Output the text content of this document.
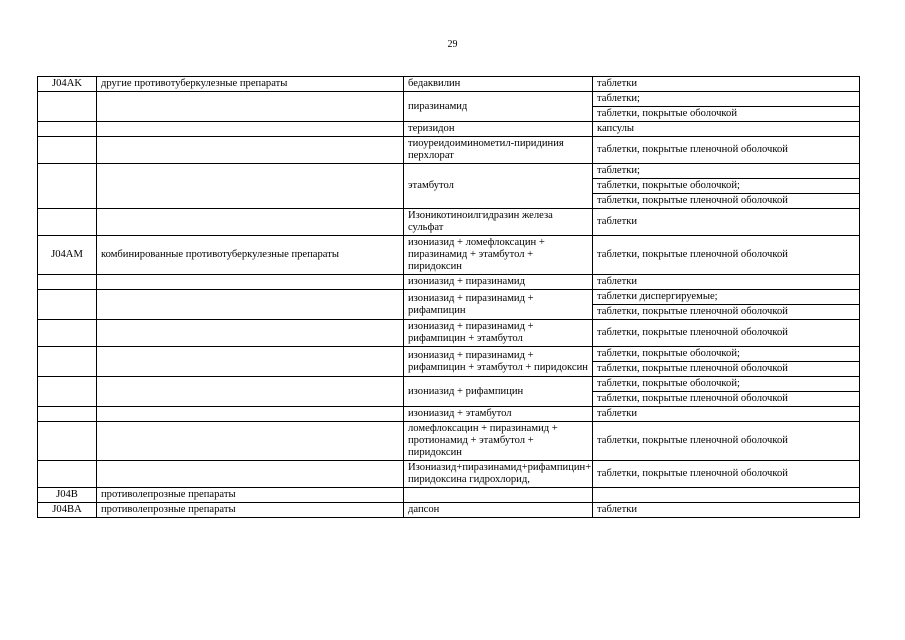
29
J04AK	другие противотуберкулезные препараты	бедаквилин	таблетки
		пиразинамид	таблетки;
			таблетки, покрытые оболочкой
		теризидон	капсулы
		тиоуреидоиминометил-пиридиния перхлорат	таблетки, покрытые пленочной оболочкой
		этамбутол	таблетки;
			таблетки, покрытые оболочкой;
			таблетки, покрытые пленочной оболочкой
		Изоникотиноилгидразин железа сульфат	таблетки
J04AM	комбинированные противотуберкулезные препараты	изониазид + ломефлоксацин + пиразинамид + этамбутол + пиридоксин	таблетки, покрытые пленочной оболочкой
		изониазид + пиразинамид	таблетки
		изониазид + пиразинамид + рифампицин	таблетки диспергируемые;
			таблетки, покрытые пленочной оболочкой
		изониазид + пиразинамид + рифампицин + этамбутол	таблетки, покрытые пленочной оболочкой
		изониазид + пиразинамид + рифампицин + этамбутол + пиридоксин	таблетки, покрытые оболочкой;
			таблетки, покрытые пленочной оболочкой
		изониазид + рифампицин	таблетки, покрытые оболочкой;
			таблетки, покрытые пленочной оболочкой
		изониазид + этамбутол	таблетки
		ломефлоксацин + пиразинамид + протионамид + этамбутол + пиридоксин	таблетки, покрытые пленочной оболочкой
		Изониазид+пиразинамид+рифампицин+ пиридоксина гидрохлорид,	таблетки, покрытые пленочной оболочкой
J04B	противолепрозные препараты		
J04BA	противолепрозные препараты	дапсон	таблетки
